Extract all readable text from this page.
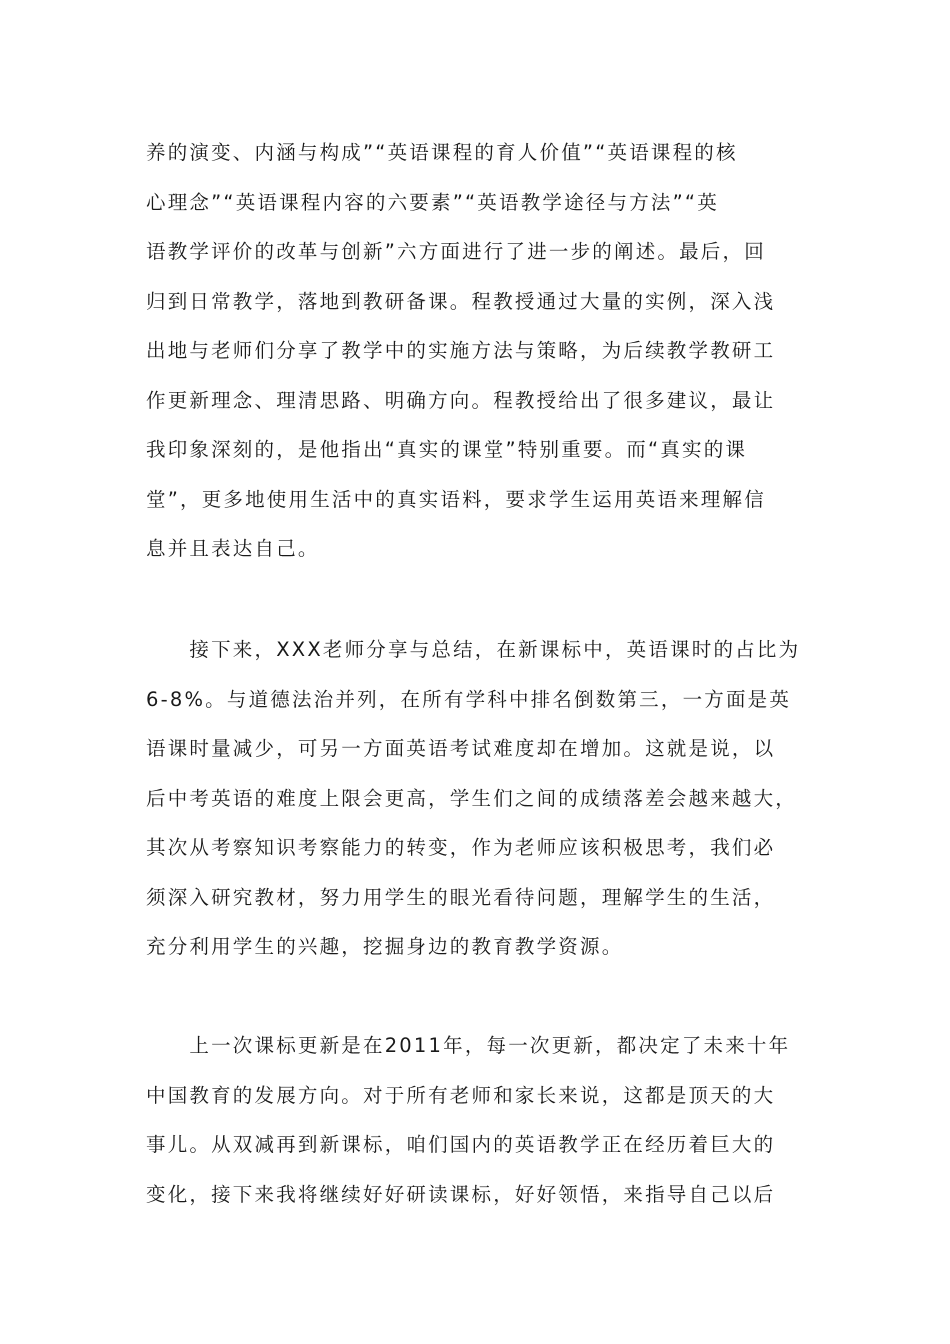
养的演变、内涵与构成”“英语课程的育人价值”“英语课程的核
心理念”“英语课程内容的六要素”“英语教学途径与方法”“英
语教学评价的改革与创新”六方面进行了进一步的阐述。最后，回
归到日常教学，落地到教研备课。程教授通过大量的实例，深入浅
出地与老师们分享了教学中的实施方法与策略，为后续教学教研工
作更新理念、理清思路、明确方向。程教授给出了很多建议，最让
我印象深刻的，是他指出“真实的课堂”特别重要。而“真实的课
堂”，更多地使用生活中的真实语料，要求学生运用英语来理解信
息并且表达自己。
　　接下来，XXX老师分享与总结，在新课标中，英语课时的占比为
6-8%。与道德法治并列，在所有学科中排名倒数第三，一方面是英
语课时量减少，可另一方面英语考试难度却在增加。这就是说，以
后中考英语的难度上限会更高，学生们之间的成绩落差会越来越大，
其次从考察知识考察能力的转变，作为老师应该积极思考，我们必
须深入研究教材，努力用学生的眼光看待问题，理解学生的生活，
充分利用学生的兴趣，挖掘身边的教育教学资源。
　　上一次课标更新是在2011年，每一次更新，都决定了未来十年
中国教育的发展方向。对于所有老师和家长来说，这都是顶天的大
事儿。从双减再到新课标，咱们国内的英语教学正在经历着巨大的
变化，接下来我将继续好好研读课标，好好领悟，来指导自己以后
